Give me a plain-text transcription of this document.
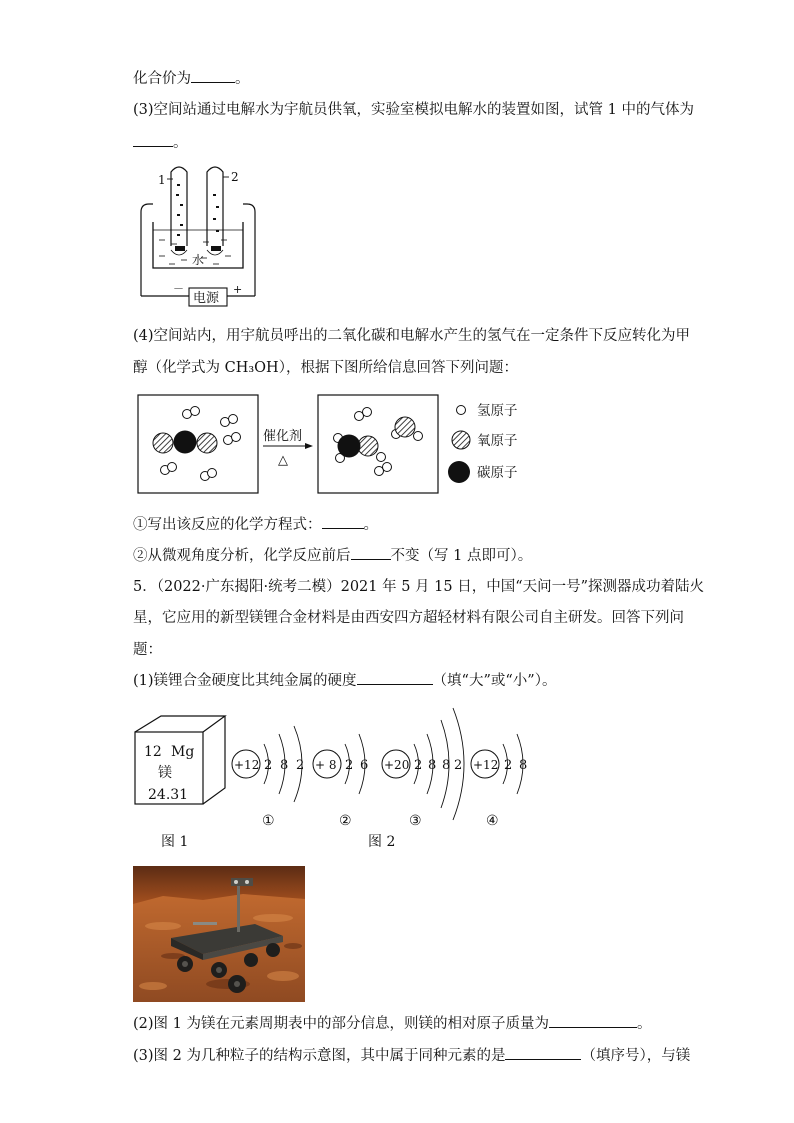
化合价为	。
(3)空间站通过电解水为宇航员供氧，实验室模拟电解水的装置如图，试管 1 中的气体为
。
1	2
水
电源
－	+
(4)空间站内，用宇航员呼出的二氧化碳和电解水产生的氢气在一定条件下反应转化为甲
醇（化学式为 CH₃OH），根据下图所给信息回答下列问题：
催化剂
△
氢原子
氧原子
碳原子
①写出该反应的化学方程式：	。
②从微观角度分析，化学反应前后	不变（写 1 点即可）。
5．（2022·广东揭阳·统考二模）2021 年 5 月 15 日，中国“天问一号”探测器成功着陆火
星，它应用的新型镁锂合金材料是由西安四方超轻材料有限公司自主研发。回答下列问
题：
(1)镁锂合金硬度比其纯金属的硬度	（填“大”或“小”）。
12 Mg
镁
24.31
图 1
+12 2 8 2
①
+ 8 2 6
②
+20 2 8 8 2
③
+12 2 8
④
图 2
(2)图 1 为镁在元素周期表中的部分信息，则镁的相对原子质量为	。
(3)图 2 为几种粒子的结构示意图，其中属于同种元素的是	（填序号），与镁
